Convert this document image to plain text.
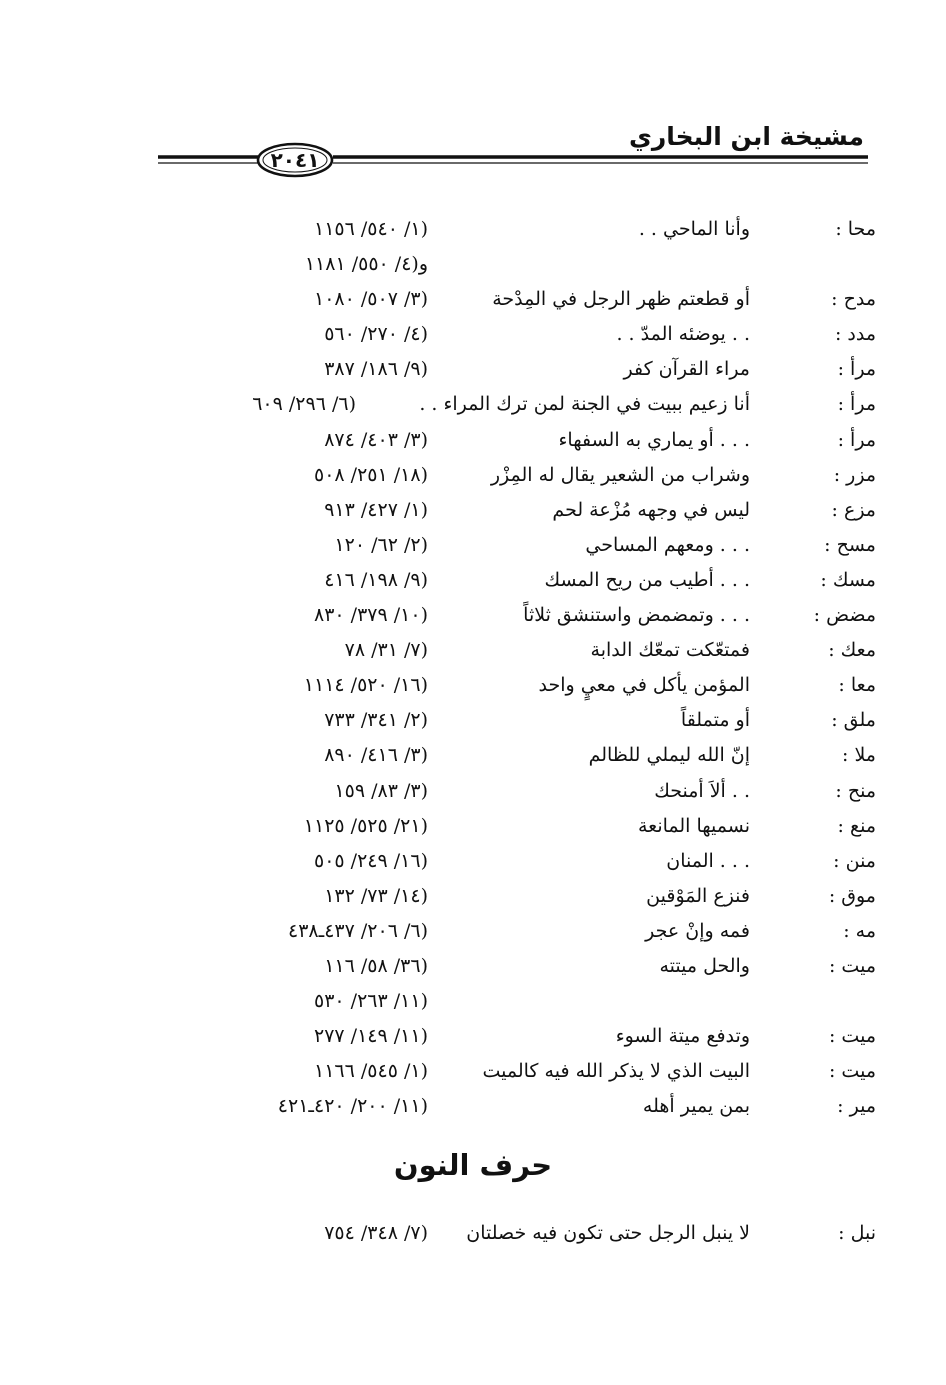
مشيخة ابن البخاري
٢٠٤١
محا :
وأنا الماحي . .
(١/ ٥٤٠/ ١١٥٦
و(٤/ ٥٥٠/ ١١٨١
مدح :
أو قطعتم ظهر الرجل في المِدْحة
(٣/ ٥٠٧/ ١٠٨٠
مدد :
. . يوضئه المدّ . .
(٤/ ٢٧٠/ ٥٦٠
مرأ :
مراء القرآن كفر
(٩/ ١٨٦/ ٣٨٧
مرأ :
أنا زعيم ببيت في الجنة لمن ترك المراء . .
(٦/ ٢٩٦/ ٦٠٩
مرأ :
. . . أو يماري به السفهاء
(٣/ ٤٠٣/ ٨٧٤
مزر :
وشراب من الشعير يقال له المِزْر
(١٨/ ٢٥١/ ٥٠٨
مزع :
ليس في وجهه مُزْعة لحم
(١/ ٤٢٧/ ٩١٣
مسح :
. . . ومعهم المساحي
(٢/ ٦٢/ ١٢٠
مسك :
. . . أطيب من ريح المسك
(٩/ ١٩٨/ ٤١٦
مضض :
. . . وتمضمض واستنشق ثلاثاً
(١٠/ ٣٧٩/ ٨٣٠
معك :
فمتعّكت تمعّك الدابة
(٧/ ٣١/ ٧٨
معا :
المؤمن يأكل في معيٍ واحد
(١٦/ ٥٢٠/ ١١١٤
ملق :
أو متملقاً
(٢/ ٣٤١/ ٧٣٣
ملا :
إنّ الله ليملي للظالم
(٣/ ٤١٦/ ٨٩٠
منح :
. . ألاَ أمنحك
(٣/ ٨٣/ ١٥٩
منع :
نسميها المانعة
(٢١/ ٥٢٥/ ١١٢٥
منن :
. . . المنان
(١٦/ ٢٤٩/ ٥٠٥
موق :
فنزع المَوْقين
(١٤/ ٧٣/ ١٣٢
مه :
فمه وإنْ عجر
(٦/ ٢٠٦/ ٤٣٧ـ٤٣٨
ميت :
والحل ميتته
(٣٦/ ٥٨/ ١١٦
(١١/ ٢٦٣/ ٥٣٠
ميت :
وتدفع ميتة السوء
(١١/ ١٤٩/ ٢٧٧
ميت :
البيت الذي لا يذكر الله فيه كالميت
(١/ ٥٤٥/ ١١٦٦
مير :
بمن يمير أهله
(١١/ ٢٠٠/ ٤٢٠ـ٤٢١
حرف النون
نبل :
لا ينبل الرجل حتى تكون فيه خصلتان
(٧/ ٣٤٨/ ٧٥٤
